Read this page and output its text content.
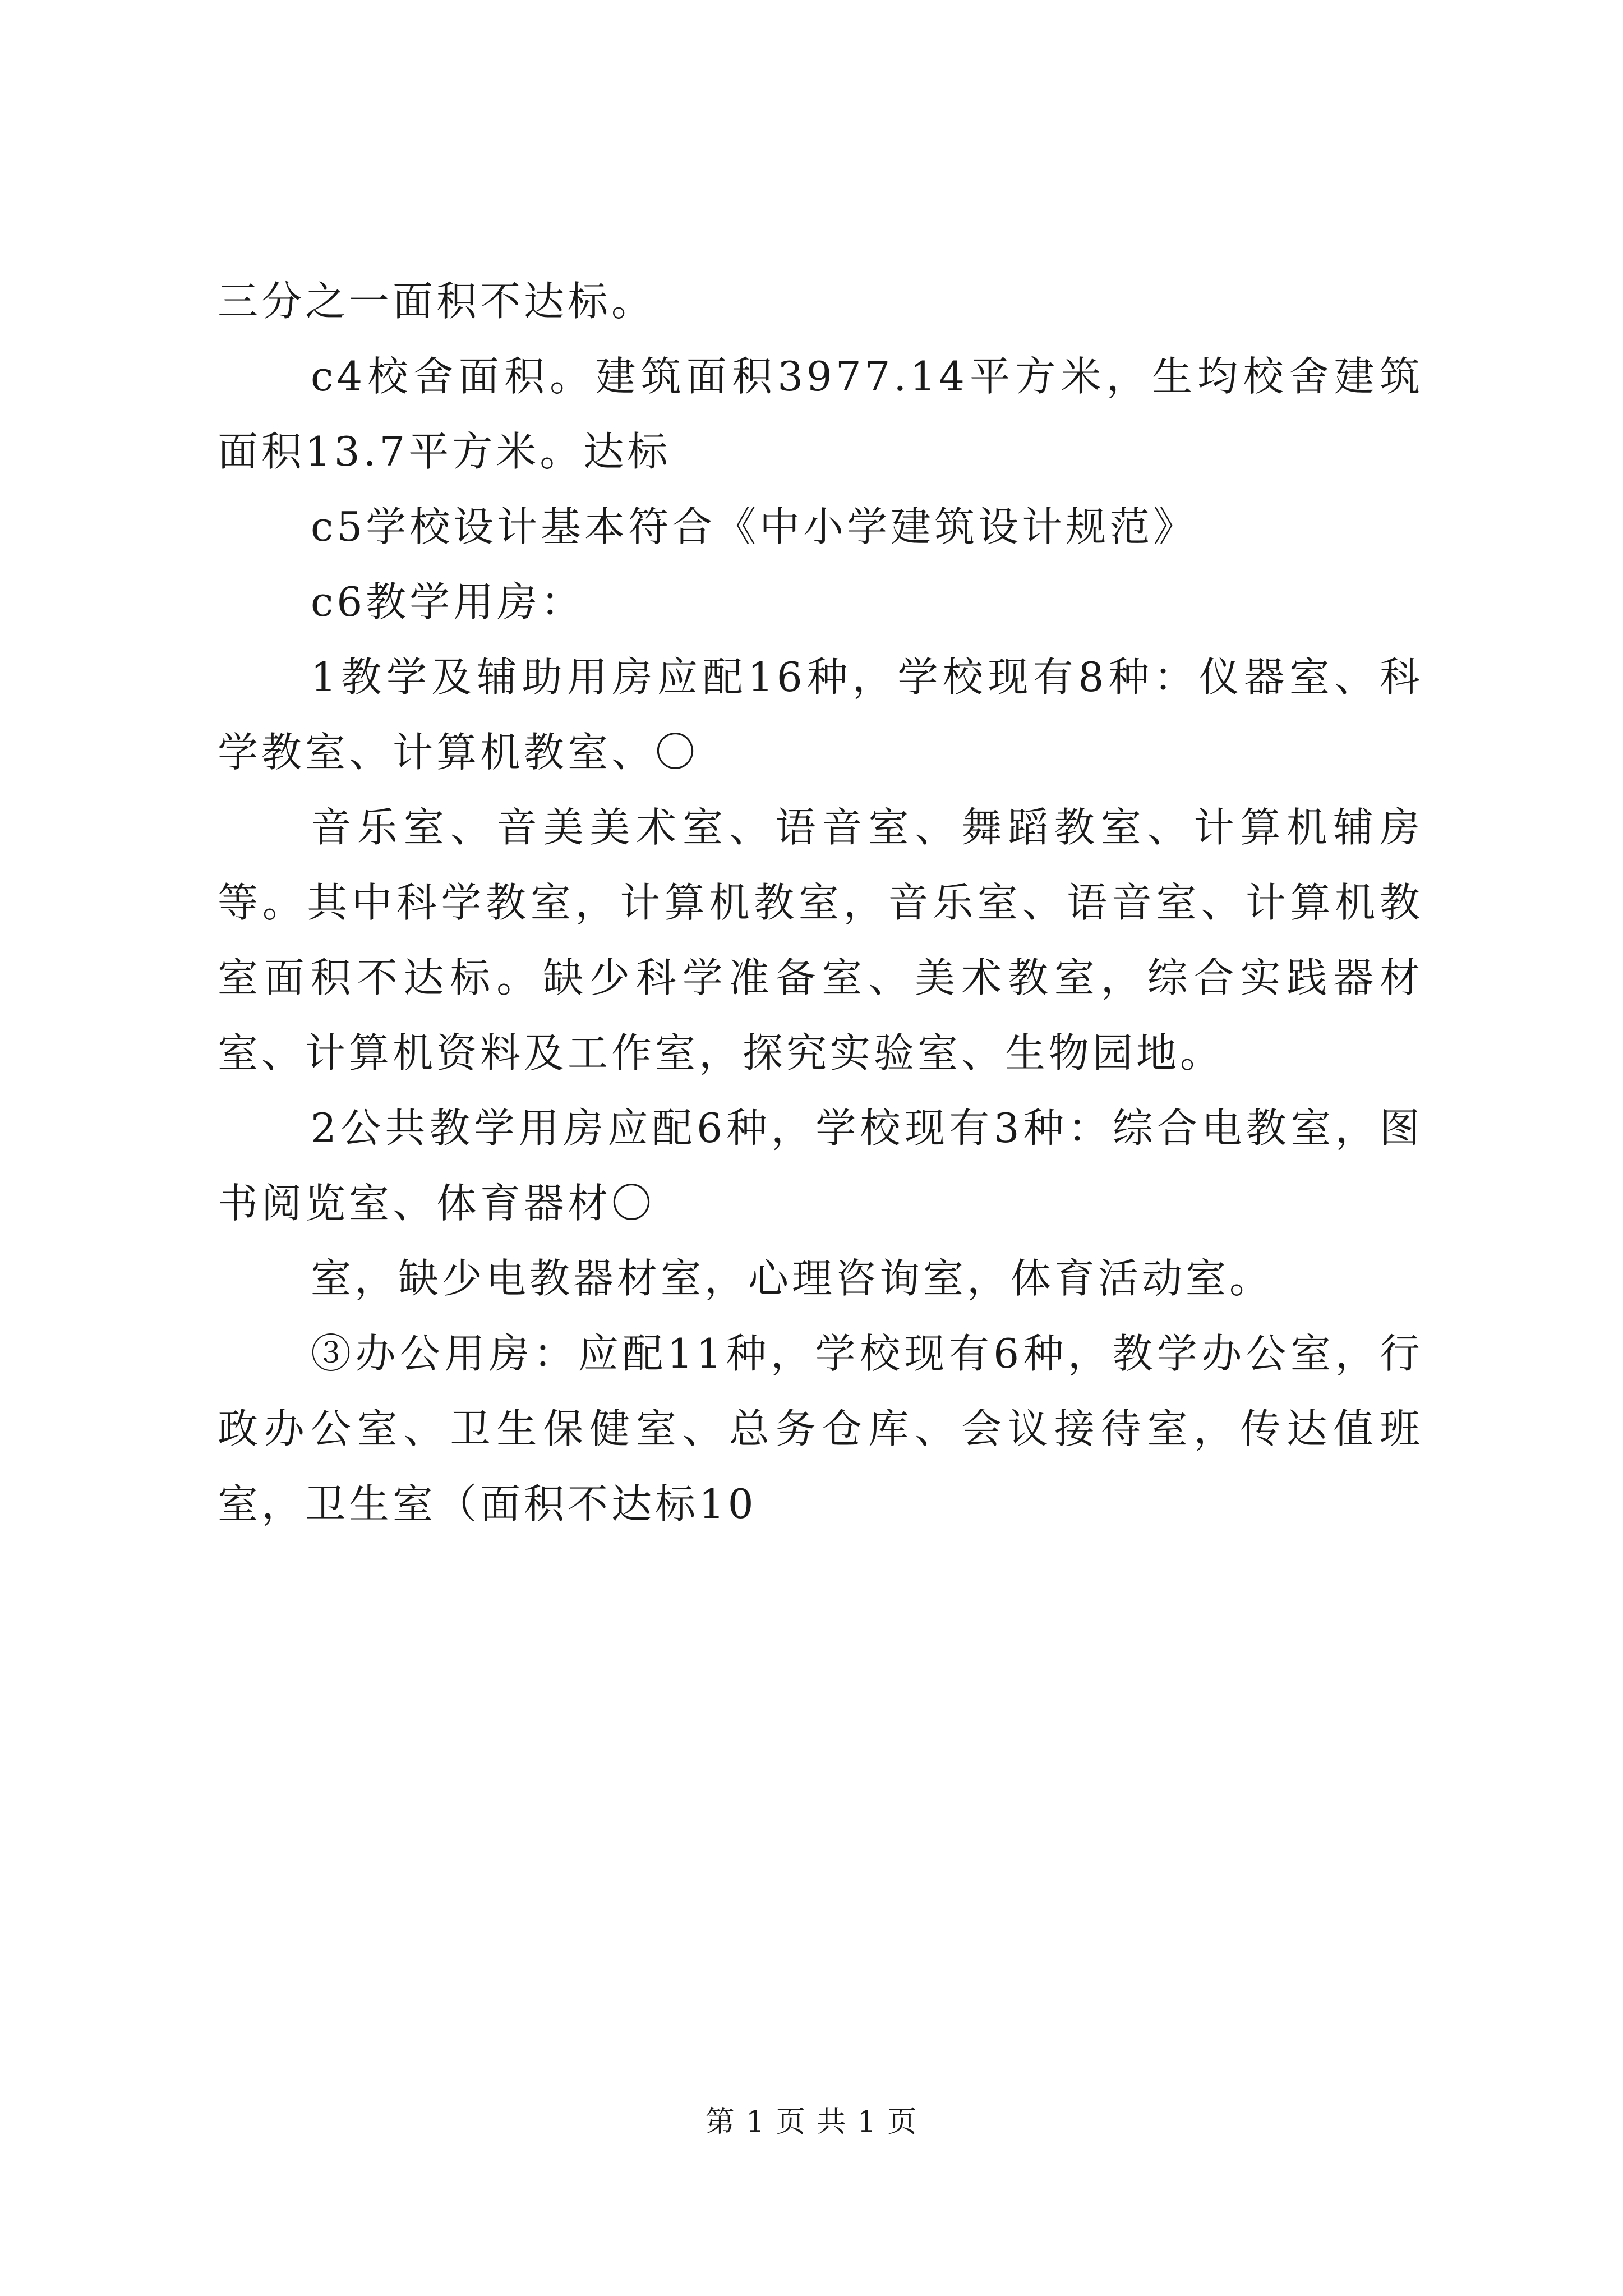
三分之一面积不达标。

c4校舍面积。建筑面积3977.14平方米，生均校舍建筑面积13.7平方米。达标

c5学校设计基本符合《中小学建筑设计规范》

c6教学用房：

1教学及辅助用房应配16种，学校现有8种：仪器室、科学教室、计算机教室、〇

音乐室、音美美术室、语音室、舞蹈教室、计算机辅房等。其中科学教室，计算机教室，音乐室、语音室、计算机教室面积不达标。缺少科学准备室、美术教室，综合实践器材室、计算机资料及工作室，探究实验室、生物园地。

2公共教学用房应配6种，学校现有3种：综合电教室，图书阅览室、体育器材〇

室，缺少电教器材室，心理咨询室，体育活动室。

③办公用房：应配11种，学校现有6种，教学办公室，行政办公室、卫生保健室、总务仓库、会议接待室，传达值班室，卫生室（面积不达标10

第 1 页 共 1 页
